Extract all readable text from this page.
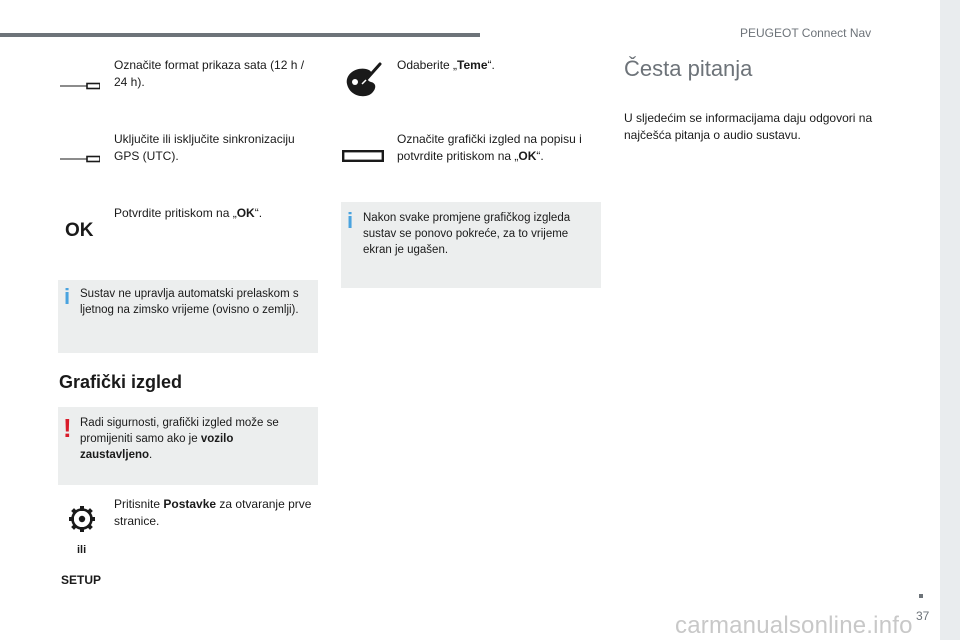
PEUGEOT Connect Nav
37
Označite format prikaza sata (12 h / 24 h).
Uključite ili isključite sinkronizaciju GPS (UTC).
OK
Potvrdite pritiskom na „OK“.
i Sustav ne upravlja automatski prelaskom s ljetnog na zimsko vrijeme (ovisno o zemlji).
Grafički izgled
! Radi sigurnosti, grafički izgled može se promijeniti samo ako je vozilo zaustavljeno.
ili
SETUP
Pritisnite Postavke za otvaranje prve stranice.
Odaberite „Teme“.
Označite grafički izgled na popisu i potvrdite pritiskom na „OK“.
i Nakon svake promjene grafičkog izgleda sustav se ponovo pokreće, za to vrijeme ekran je ugašen.
Česta pitanja
U sljedećim se informacijama daju odgovori na najčešća pitanja o audio sustavu.
carmanualsonline.info
